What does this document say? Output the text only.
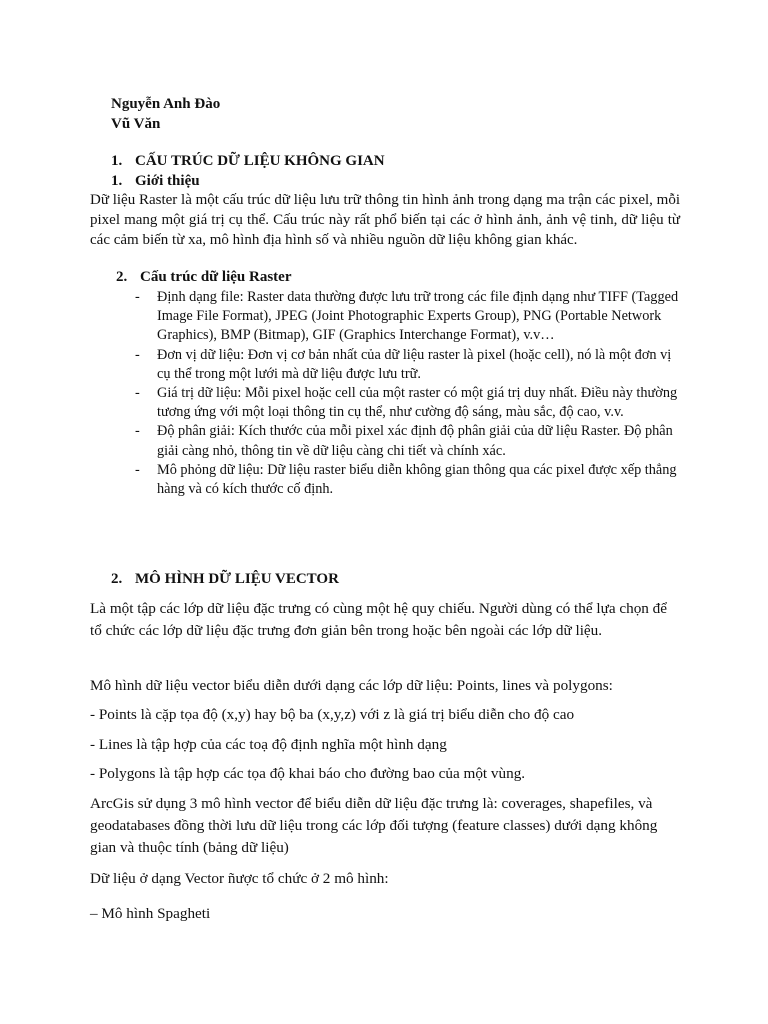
Nguyễn Anh Đào
Vũ Văn
1. CẤU TRÚC DỮ LIỆU KHÔNG GIAN
1. Giới thiệu

Dữ liệu Raster là một cấu trúc dữ liệu lưu trữ thông tin hình ảnh trong dạng ma trận các pixel, mỗi pixel mang một giá trị cụ thể. Cấu trúc này rất phổ biến tại các ở hình ảnh, ảnh vệ tinh, dữ liệu từ các cảm biến từ xa, mô hình địa hình số và nhiều nguồn dữ liệu không gian khác.

2. Cấu trúc dữ liệu Raster
- Định dạng file: Raster data thường được lưu trữ trong các file định dạng như TIFF (Tagged Image File Format), JPEG (Joint Photographic Experts Group), PNG (Portable Network Graphics), BMP (Bitmap), GIF (Graphics Interchange Format), v.v…
- Đơn vị dữ liệu: Đơn vị cơ bản nhất của dữ liệu raster là pixel (hoặc cell), nó là một đơn vị cụ thể trong một lưới mà dữ liệu được lưu trữ.
- Giá trị dữ liệu: Mỗi pixel hoặc cell của một raster có một giá trị duy nhất. Điều này thường tương ứng với một loại thông tin cụ thể, như cường độ sáng, màu sắc, độ cao, v.v.
- Độ phân giải: Kích thước của mỗi pixel xác định độ phân giải của dữ liệu Raster. Độ phân giải càng nhỏ, thông tin về dữ liệu càng chi tiết và chính xác.
- Mô phỏng dữ liệu: Dữ liệu raster biểu diễn không gian thông qua các pixel được xếp thẳng hàng và có kích thước cố định.
2. MÔ HÌNH DỮ LIỆU VECTOR

Là một tập các lớp dữ liệu đặc trưng có cùng một hệ quy chiếu. Người dùng có thể lựa chọn để tổ chức các lớp dữ liệu đặc trưng đơn giản bên trong hoặc bên ngoài các lớp dữ liệu.

Mô hình dữ liệu vector biểu diễn dưới dạng các lớp dữ liệu: Points, lines và polygons:

- Points là cặp tọa độ (x,y) hay bộ ba (x,y,z) với z là giá trị biểu diễn cho độ cao

- Lines là tập hợp của các toạ độ định nghĩa một hình dạng

- Polygons là tập hợp các tọa độ khai báo cho đường bao của một vùng.

ArcGis sử dụng 3 mô hình vector để biểu diễn dữ liệu đặc trưng là: coverages, shapefiles, và geodatabases đồng thời lưu dữ liệu trong các lớp đối tượng (feature classes) dưới dạng không gian và thuộc tính (bảng dữ liệu)

Dữ liệu ở dạng Vector ñược tổ chức ở 2 mô hình:

– Mô hình Spagheti
